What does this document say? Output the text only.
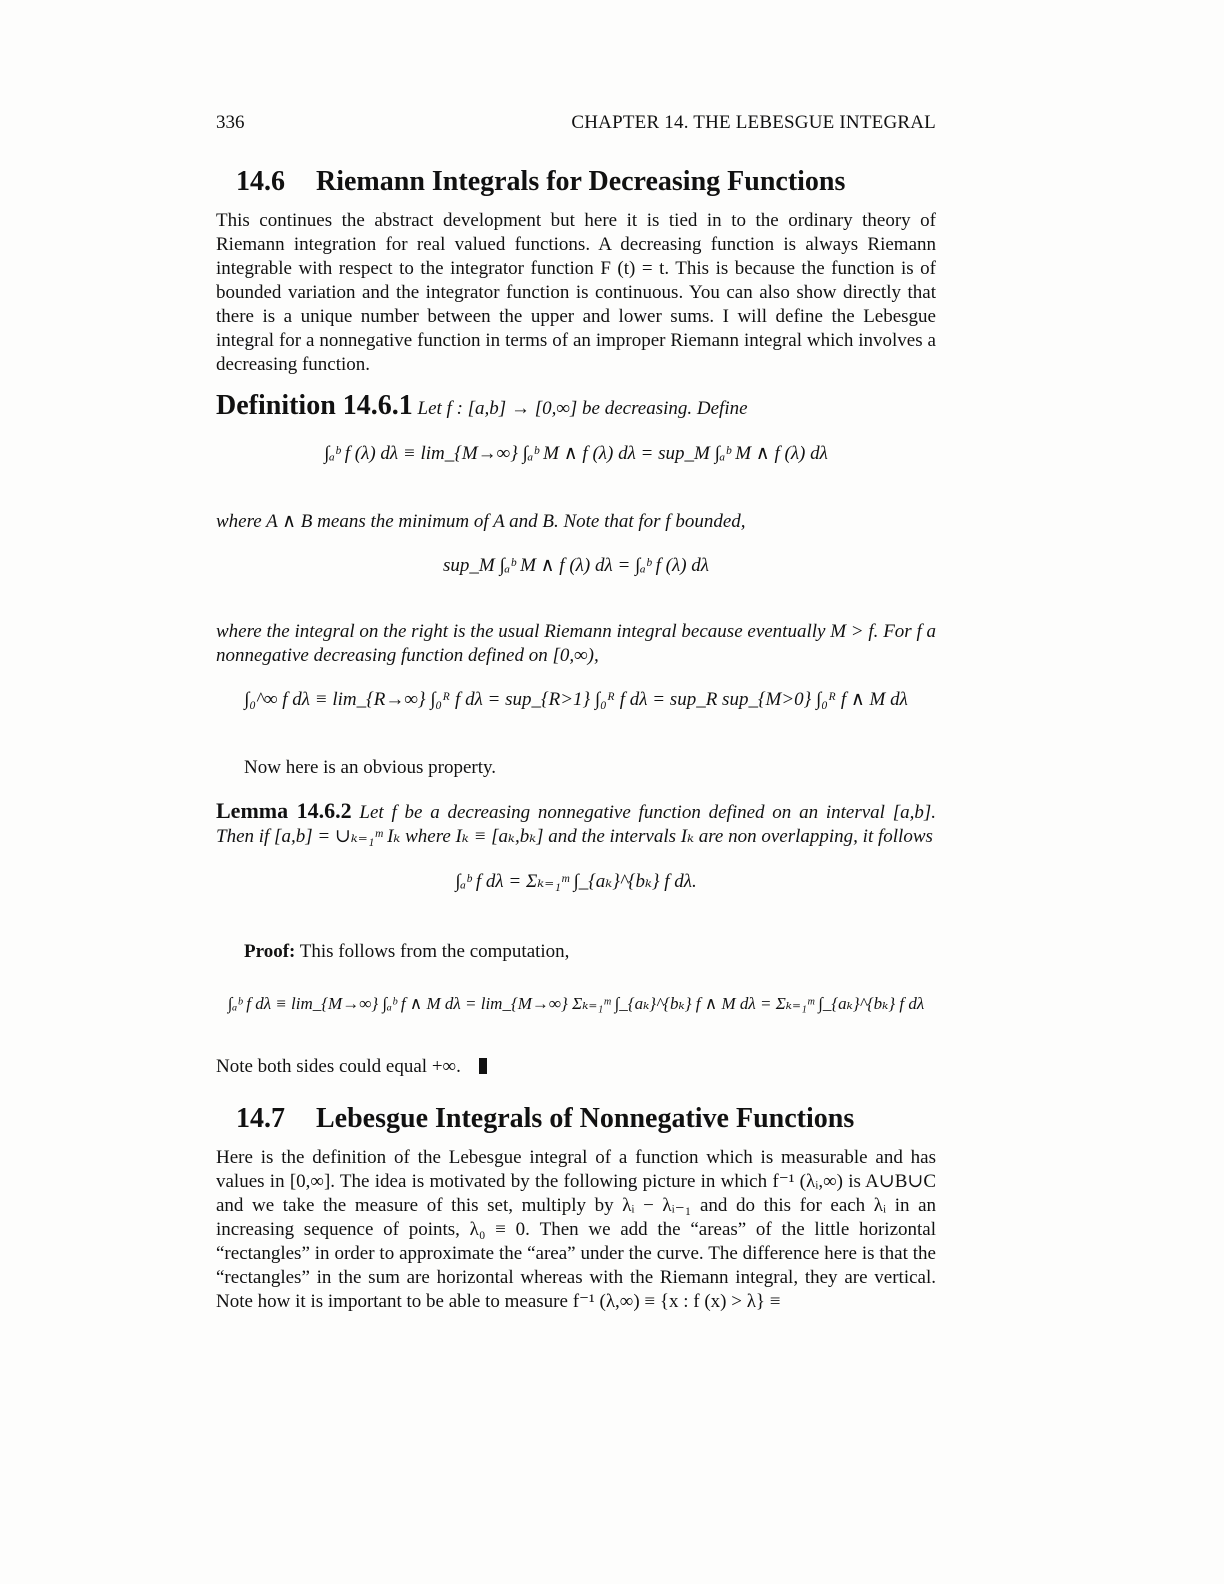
336	CHAPTER 14. THE LEBESGUE INTEGRAL
14.6 Riemann Integrals for Decreasing Functions

This continues the abstract development but here it is tied in to the ordinary theory of Riemann integration for real valued functions. A decreasing function is always Riemann integrable with respect to the integrator function F (t) = t. This is because the function is of bounded variation and the integrator function is continuous. You can also show directly that there is a unique number between the upper and lower sums. I will define the Lebesgue integral for a nonnegative function in terms of an improper Riemann integral which involves a decreasing function.

Definition 14.6.1 Let f : [a,b] → [0,∞] be decreasing. Define

∫ₐᵇ f (λ) dλ ≡ lim_{M→∞} ∫ₐᵇ M ∧ f (λ) dλ = sup_M ∫ₐᵇ M ∧ f (λ) dλ

where A ∧ B means the minimum of A and B. Note that for f bounded,

sup_M ∫ₐᵇ M ∧ f (λ) dλ = ∫ₐᵇ f (λ) dλ

where the integral on the right is the usual Riemann integral because eventually M > f. For f a nonnegative decreasing function defined on [0,∞),

∫₀^∞ f dλ ≡ lim_{R→∞} ∫₀ᴿ f dλ = sup_{R>1} ∫₀ᴿ f dλ = sup_R sup_{M>0} ∫₀ᴿ f ∧ M dλ

Now here is an obvious property.

Lemma 14.6.2 Let f be a decreasing nonnegative function defined on an interval [a,b]. Then if [a,b] = ∪ₖ₌₁ᵐ Iₖ where Iₖ ≡ [aₖ,bₖ] and the intervals Iₖ are non overlapping, it follows

∫ₐᵇ f dλ = Σₖ₌₁ᵐ ∫_{aₖ}^{bₖ} f dλ.

Proof: This follows from the computation,

∫ₐᵇ f dλ ≡ lim_{M→∞} ∫ₐᵇ f ∧ M dλ = lim_{M→∞} Σₖ₌₁ᵐ ∫_{aₖ}^{bₖ} f ∧ M dλ = Σₖ₌₁ᵐ ∫_{aₖ}^{bₖ} f dλ

Note both sides could equal +∞.

14.7 Lebesgue Integrals of Nonnegative Functions

Here is the definition of the Lebesgue integral of a function which is measurable and has values in [0,∞]. The idea is motivated by the following picture in which f⁻¹ (λᵢ,∞) is A∪B∪C and we take the measure of this set, multiply by λᵢ − λᵢ₋₁ and do this for each λᵢ in an increasing sequence of points, λ₀ ≡ 0. Then we add the “areas” of the little horizontal “rectangles” in order to approximate the “area” under the curve. The difference here is that the “rectangles” in the sum are horizontal whereas with the Riemann integral, they are vertical. Note how it is important to be able to measure f⁻¹ (λ,∞) ≡ {x : f (x) > λ} ≡
